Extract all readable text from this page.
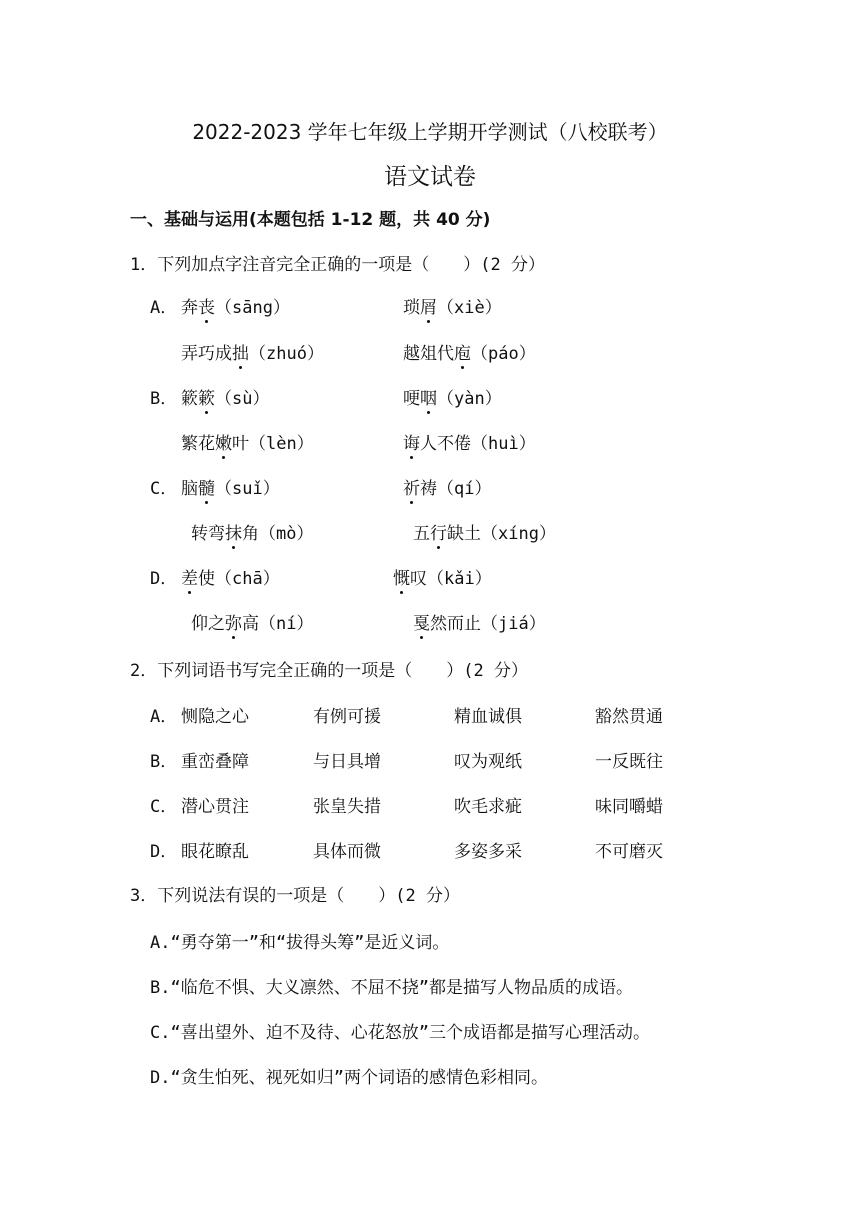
2022-2023 学年七年级上学期开学测试（八校联考）
语文试卷
一、基础与运用(本题包括 1-12 题，共 40 分)
1．下列加点字注音完全正确的一项是（　　）(2 分）
A． 奔丧（sāng）	琐屑（xiè）
弄巧成拙（zhuó）	越俎代庖（páo）
B． 簌簌（sù）	哽咽（yàn）
繁花嫩叶（lèn）	诲人不倦（huì）
C． 脑髓（suǐ）	祈祷（qí）
转弯抹角（mò）	五行缺土（xíng）
D． 差使（chā）	慨叹（kǎi）
仰之弥高（ní）	戛然而止（jiá）
2．下列词语书写完全正确的一项是（　　）(2 分）
A． 恻隐之心	有例可援	精血诚俱	豁然贯通
B． 重峦叠障	与日具增	叹为观纸	一反既往
C． 潜心贯注	张皇失措	吹毛求疵	味同嚼蜡
D． 眼花瞭乱	具体而微	多姿多采	不可磨灭
3．下列说法有误的一项是（　　）(2 分）
A.“勇夺第一”和“拔得头筹”是近义词。
B.“临危不惧、大义凛然、不屈不挠”都是描写人物品质的成语。
C.“喜出望外、迫不及待、心花怒放”三个成语都是描写心理活动。
D.“贪生怕死、视死如归”两个词语的感情色彩相同。
